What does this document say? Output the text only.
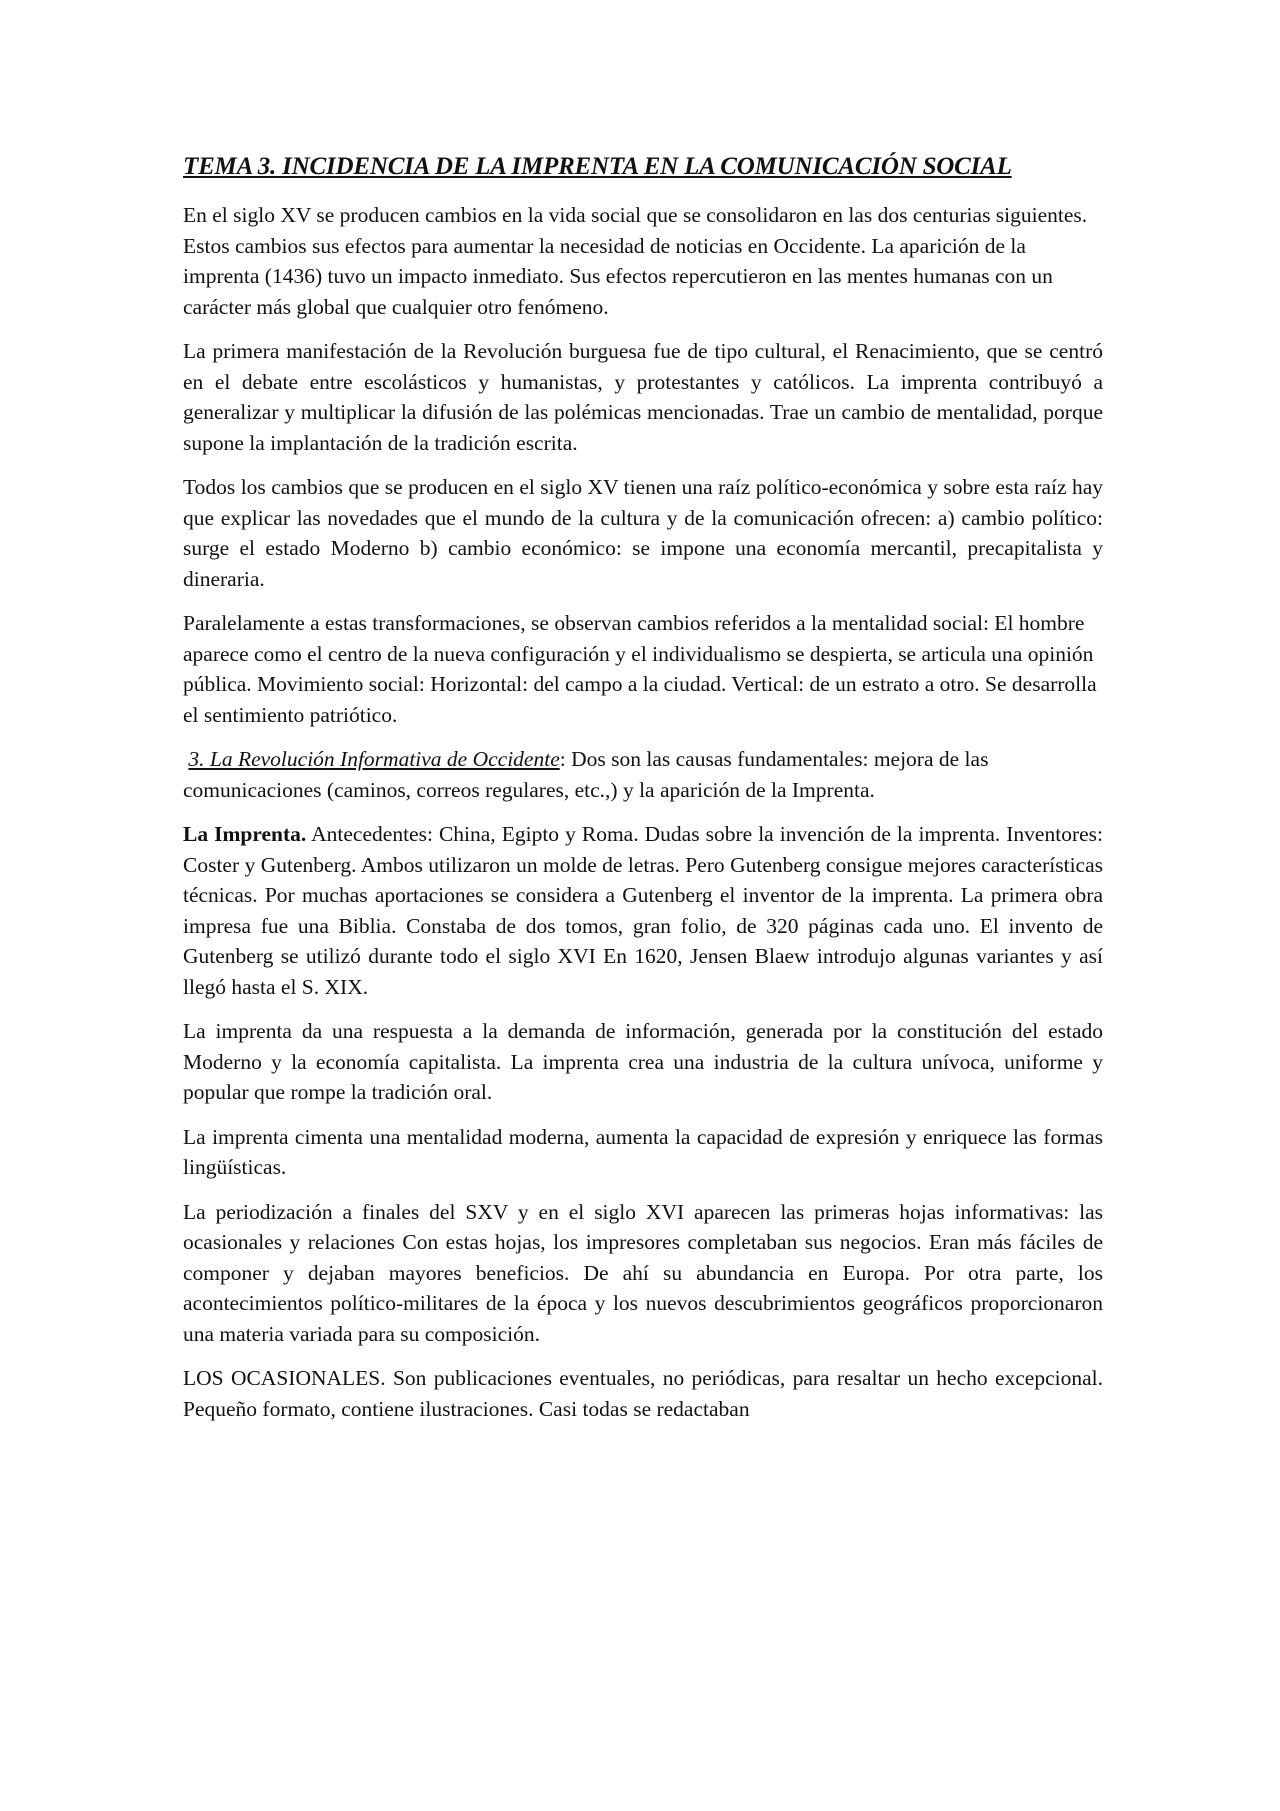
TEMA 3. INCIDENCIA DE LA IMPRENTA EN LA COMUNICACIÓN SOCIAL

En el siglo XV se producen cambios en la vida social que se consolidaron en las dos centurias siguientes. Estos cambios sus efectos para aumentar la necesidad de noticias en Occidente. La aparición de la imprenta (1436) tuvo un impacto inmediato. Sus efectos repercutieron en las mentes humanas con un carácter más global que cualquier otro fenómeno.

La primera manifestación de la Revolución burguesa fue de tipo cultural, el Renacimiento, que se centró en el debate entre escolásticos y humanistas, y protestantes y católicos. La imprenta contribuyó a generalizar y multiplicar la difusión de las polémicas mencionadas. Trae un cambio de mentalidad, porque supone la implantación de la tradición escrita.

Todos los cambios que se producen en el siglo XV tienen una raíz político-económica y sobre esta raíz hay que explicar las novedades que el mundo de la cultura y de la comunicación ofrecen: a) cambio político: surge el estado Moderno b) cambio económico: se impone una economía mercantil, precapitalista y dineraria.

Paralelamente a estas transformaciones, se observan cambios referidos a la mentalidad social: El hombre aparece como el centro de la nueva configuración y el individualismo se despierta, se articula una opinión pública. Movimiento social: Horizontal: del campo a la ciudad. Vertical: de un estrato a otro. Se desarrolla el sentimiento patriótico.

3. La Revolución Informativa de Occidente: Dos son las causas fundamentales: mejora de las comunicaciones (caminos, correos regulares, etc.,) y la aparición de la Imprenta.

La Imprenta. Antecedentes: China, Egipto y Roma. Dudas sobre la invención de la imprenta. Inventores: Coster y Gutenberg. Ambos utilizaron un molde de letras. Pero Gutenberg consigue mejores características técnicas. Por muchas aportaciones se considera a Gutenberg el inventor de la imprenta. La primera obra impresa fue una Biblia. Constaba de dos tomos, gran folio, de 320 páginas cada uno. El invento de Gutenberg se utilizó durante todo el siglo XVI En 1620, Jensen Blaew introdujo algunas variantes y así llegó hasta el S. XIX.

La imprenta da una respuesta a la demanda de información, generada por la constitución del estado Moderno y la economía capitalista. La imprenta crea una industria de la cultura unívoca, uniforme y popular que rompe la tradición oral.

La imprenta cimenta una mentalidad moderna, aumenta la capacidad de expresión y enriquece las formas lingüísticas.

La periodización a finales del SXV y en el siglo XVI aparecen las primeras hojas informativas: las ocasionales y relaciones Con estas hojas, los impresores completaban sus negocios. Eran más fáciles de componer y dejaban mayores beneficios. De ahí su abundancia en Europa. Por otra parte, los acontecimientos político-militares de la época y los nuevos descubrimientos geográficos proporcionaron una materia variada para su composición.

LOS OCASIONALES. Son publicaciones eventuales, no periódicas, para resaltar un hecho excepcional. Pequeño formato, contiene ilustraciones. Casi todas se redactaban
